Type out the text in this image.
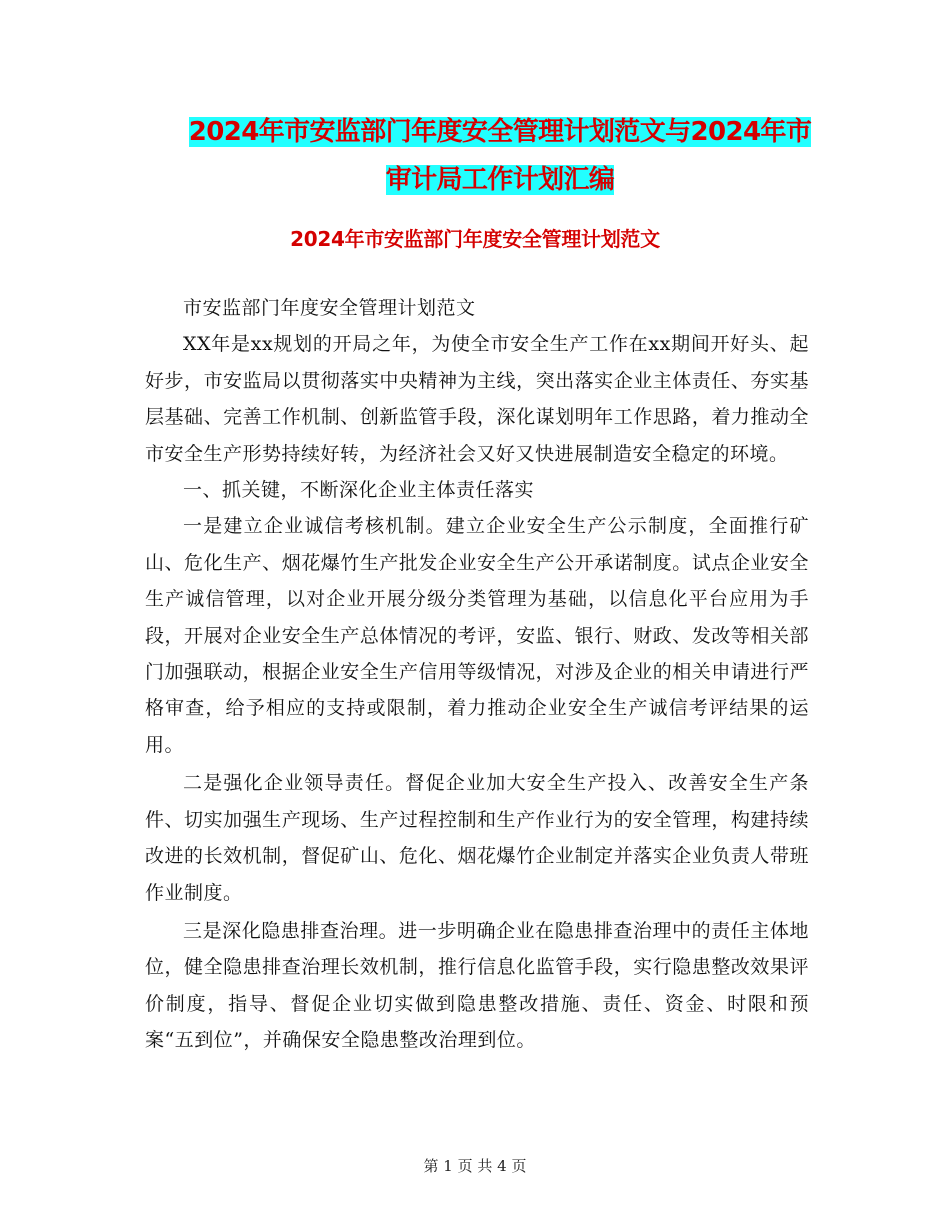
2024年市安监部门年度安全管理计划范文与2024年市
审计局工作计划汇编
2024年市安监部门年度安全管理计划范文

市安监部门年度安全管理计划范文

XX年是xx规划的开局之年，为使全市安全生产工作在xx期间开好头、起好步，市安监局以贯彻落实中央精神为主线，突出落实企业主体责任、夯实基层基础、完善工作机制、创新监管手段，深化谋划明年工作思路，着力推动全市安全生产形势持续好转，为经济社会又好又快进展制造安全稳定的环境。

一、抓关键，不断深化企业主体责任落实

一是建立企业诚信考核机制。建立企业安全生产公示制度，全面推行矿山、危化生产、烟花爆竹生产批发企业安全生产公开承诺制度。试点企业安全生产诚信管理，以对企业开展分级分类管理为基础，以信息化平台应用为手段，开展对企业安全生产总体情况的考评，安监、银行、财政、发改等相关部门加强联动，根据企业安全生产信用等级情况，对涉及企业的相关申请进行严格审查，给予相应的支持或限制，着力推动企业安全生产诚信考评结果的运用。

二是强化企业领导责任。督促企业加大安全生产投入、改善安全生产条件、切实加强生产现场、生产过程控制和生产作业行为的安全管理，构建持续改进的长效机制，督促矿山、危化、烟花爆竹企业制定并落实企业负责人带班作业制度。

三是深化隐患排查治理。进一步明确企业在隐患排查治理中的责任主体地位，健全隐患排查治理长效机制，推行信息化监管手段，实行隐患整改效果评价制度，指导、督促企业切实做到隐患整改措施、责任、资金、时限和预案“五到位”，并确保安全隐患整改治理到位。

第 1 页 共 4 页
